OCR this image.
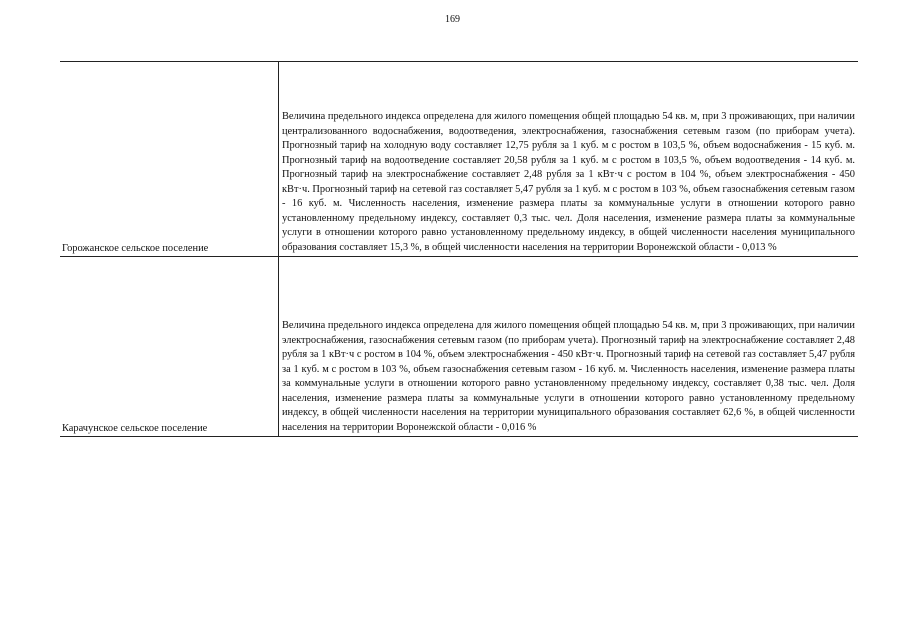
169
Горожанское сельское поселение	Величина предельного индекса определена для жилого помещения общей площадью 54 кв. м, при 3 проживающих, при наличии централизованного водоснабжения, водоотведения, электроснабжения, газоснабжения сетевым газом (по приборам учета). Прогнозный тариф на холодную воду составляет 12,75 рубля за 1 куб. м с ростом в 103,5 %, объем водоснабжения - 15 куб. м. Прогнозный тариф на водоотведение составляет 20,58 рубля за 1 куб. м с ростом в 103,5 %, объем водоотведения - 14 куб. м. Прогнозный тариф на электроснабжение составляет 2,48 рубля за 1 кВт·ч с ростом в 104 %, объем электроснабжения - 450 кВт·ч. Прогнозный тариф на сетевой газ составляет 5,47 рубля за 1 куб. м с ростом в 103 %, объем газоснабжения сетевым газом - 16 куб. м. Численность населения, изменение размера платы за коммунальные услуги в отношении которого равно установленному предельному индексу, составляет 0,3 тыс. чел. Доля населения, изменение размера платы за коммунальные услуги в отношении которого равно установленному предельному индексу, в общей численности населения муниципального образования составляет 15,3 %, в общей численности населения на территории Воронежской области - 0,013 %
Карачунское сельское поселение	Величина предельного индекса определена для жилого помещения общей площадью 54 кв. м, при 3 проживающих, при наличии электроснабжения, газоснабжения сетевым газом (по приборам учета). Прогнозный тариф на электроснабжение составляет 2,48 рубля за 1 кВт·ч с ростом в 104 %, объем электроснабжения - 450 кВт·ч. Прогнозный тариф на сетевой газ составляет 5,47 рубля за 1 куб. м с ростом в 103 %, объем газоснабжения сетевым газом - 16 куб. м. Численность населения, изменение размера платы за коммунальные услуги в отношении которого равно установленному предельному индексу, составляет 0,38 тыс. чел. Доля населения, изменение размера платы за коммунальные услуги в отношении которого равно установленному предельному индексу, в общей численности населения на территории муниципального образования составляет 62,6 %, в общей численности населения на территории Воронежской области - 0,016 %
